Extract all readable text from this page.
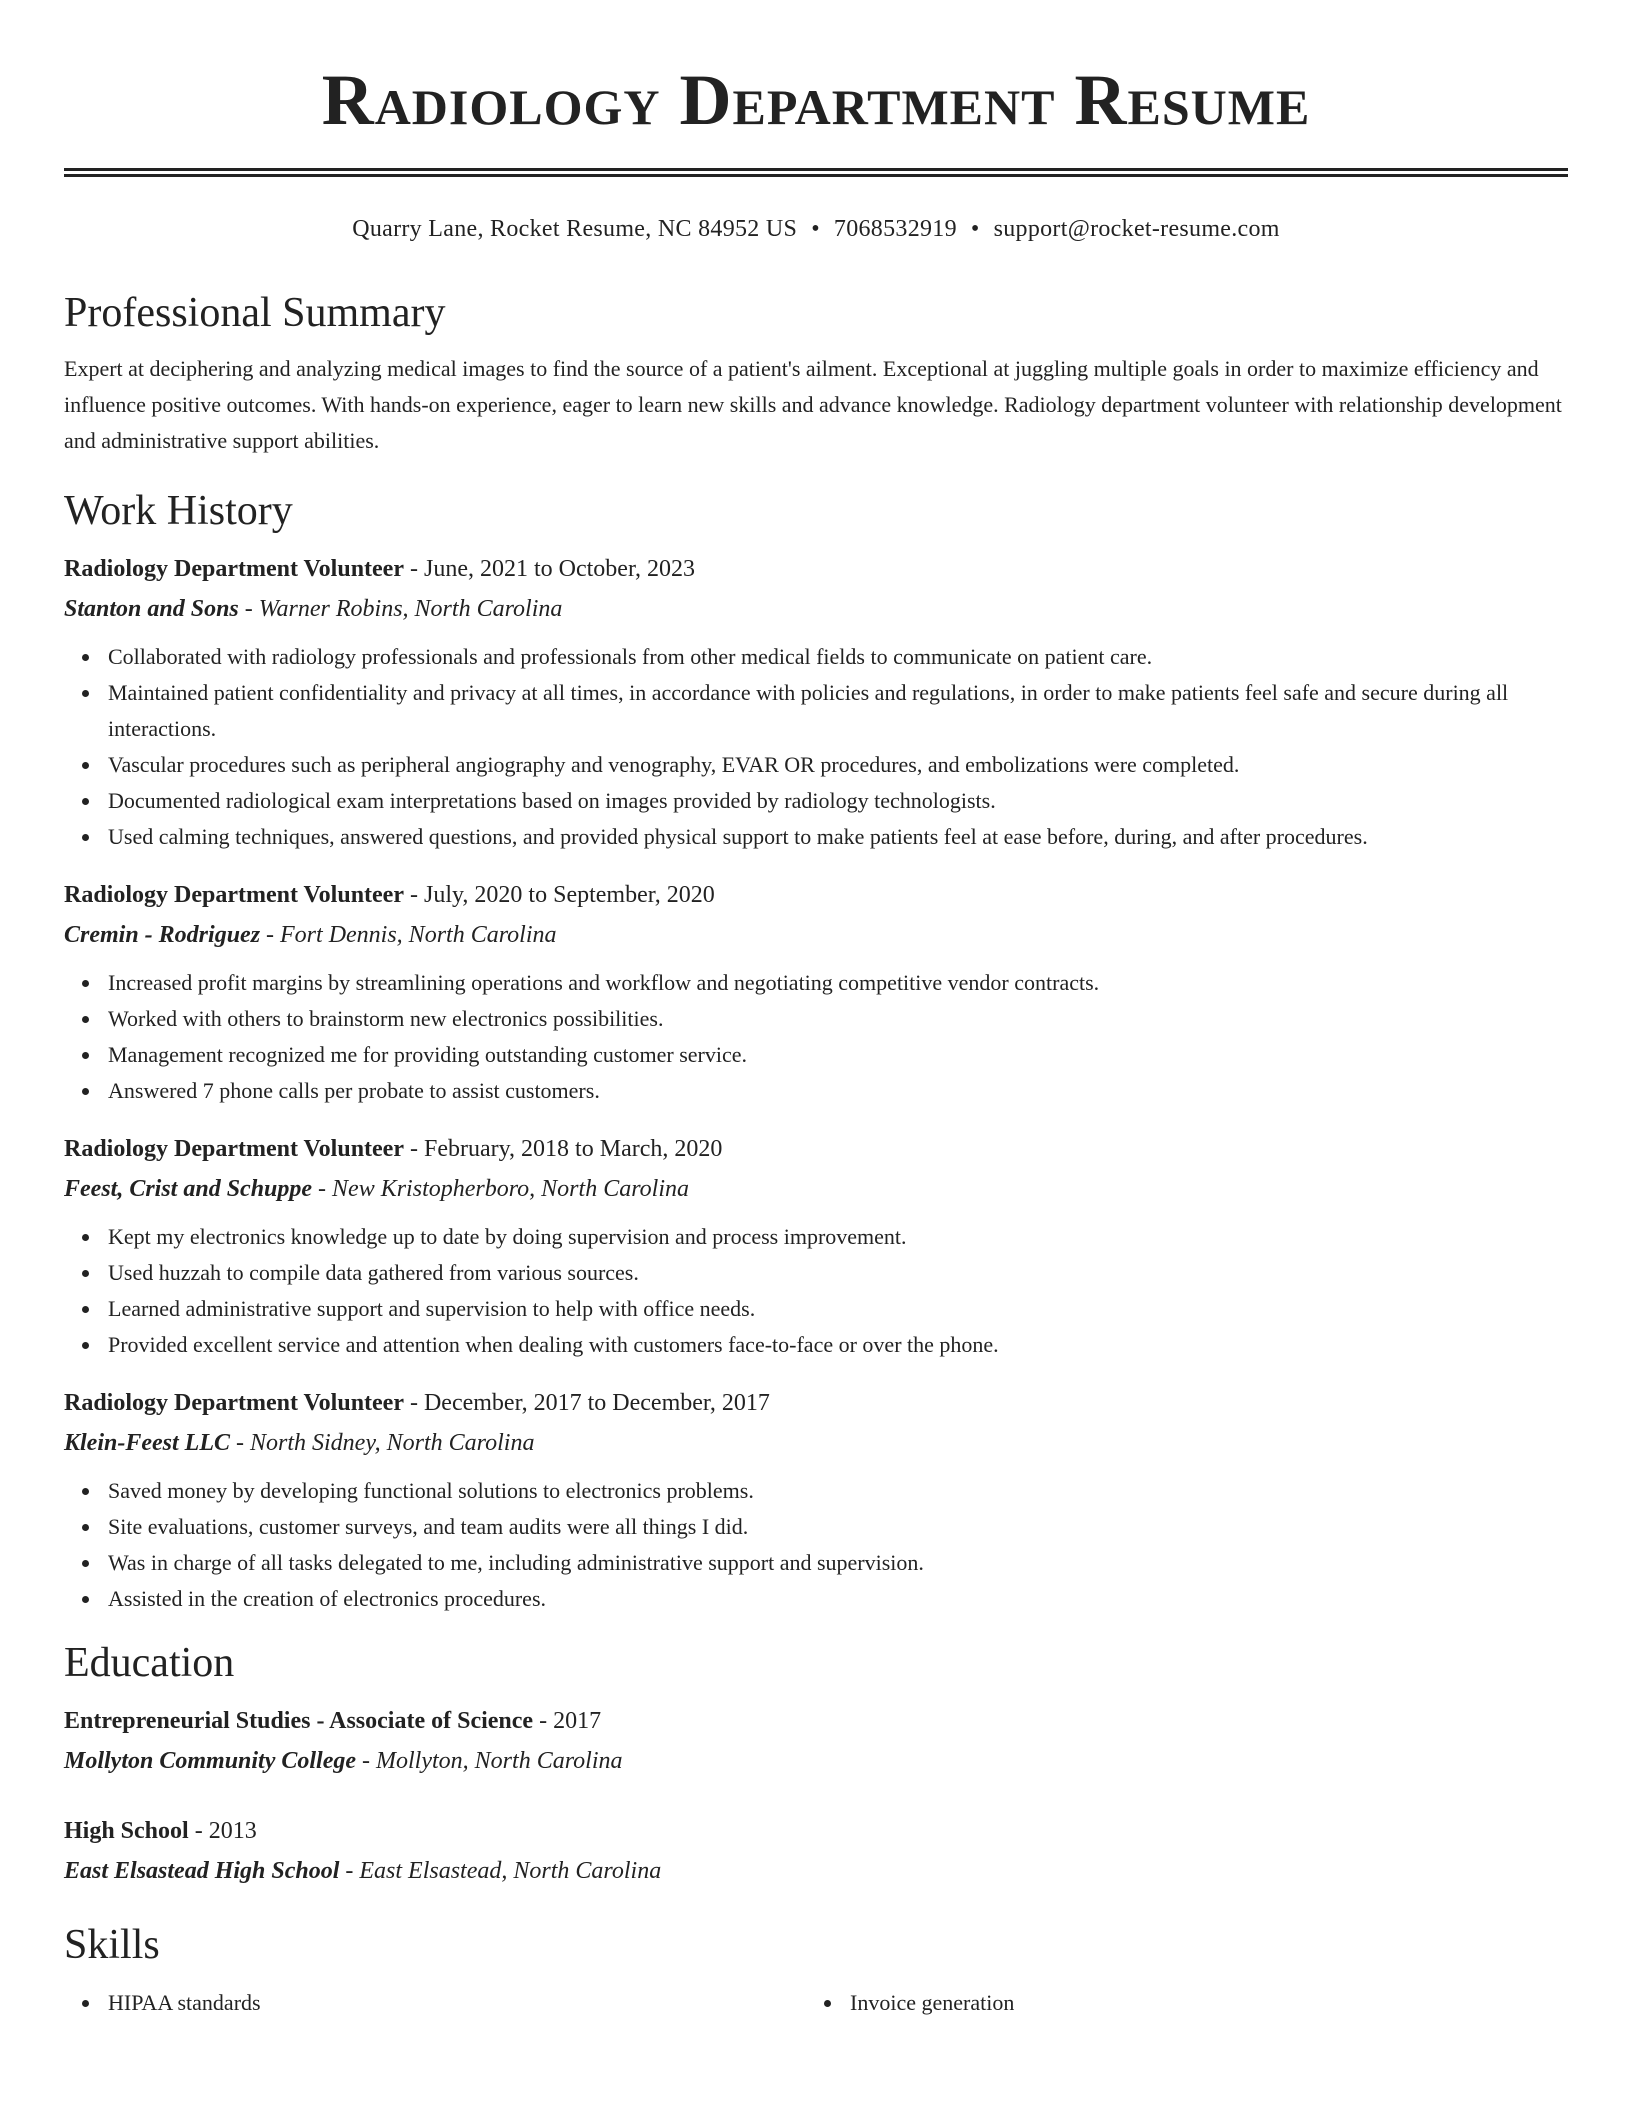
Radiology Department Resume
Quarry Lane, Rocket Resume, NC 84952 US • 7068532919 • support@rocket-resume.com
Professional Summary
Expert at deciphering and analyzing medical images to find the source of a patient's ailment. Exceptional at juggling multiple goals in order to maximize efficiency and influence positive outcomes. With hands-on experience, eager to learn new skills and advance knowledge. Radiology department volunteer with relationship development and administrative support abilities.
Work History
Radiology Department Volunteer - June, 2021 to October, 2023
Stanton and Sons - Warner Robins, North Carolina
Collaborated with radiology professionals and professionals from other medical fields to communicate on patient care.
Maintained patient confidentiality and privacy at all times, in accordance with policies and regulations, in order to make patients feel safe and secure during all interactions.
Vascular procedures such as peripheral angiography and venography, EVAR OR procedures, and embolizations were completed.
Documented radiological exam interpretations based on images provided by radiology technologists.
Used calming techniques, answered questions, and provided physical support to make patients feel at ease before, during, and after procedures.
Radiology Department Volunteer - July, 2020 to September, 2020
Cremin - Rodriguez - Fort Dennis, North Carolina
Increased profit margins by streamlining operations and workflow and negotiating competitive vendor contracts.
Worked with others to brainstorm new electronics possibilities.
Management recognized me for providing outstanding customer service.
Answered 7 phone calls per probate to assist customers.
Radiology Department Volunteer - February, 2018 to March, 2020
Feest, Crist and Schuppe - New Kristopherboro, North Carolina
Kept my electronics knowledge up to date by doing supervision and process improvement.
Used huzzah to compile data gathered from various sources.
Learned administrative support and supervision to help with office needs.
Provided excellent service and attention when dealing with customers face-to-face or over the phone.
Radiology Department Volunteer - December, 2017 to December, 2017
Klein-Feest LLC - North Sidney, North Carolina
Saved money by developing functional solutions to electronics problems.
Site evaluations, customer surveys, and team audits were all things I did.
Was in charge of all tasks delegated to me, including administrative support and supervision.
Assisted in the creation of electronics procedures.
Education
Entrepreneurial Studies - Associate of Science - 2017
Mollyton Community College - Mollyton, North Carolina
High School - 2013
East Elsastead High School - East Elsastead, North Carolina
Skills
HIPAA standards	Invoice generation
